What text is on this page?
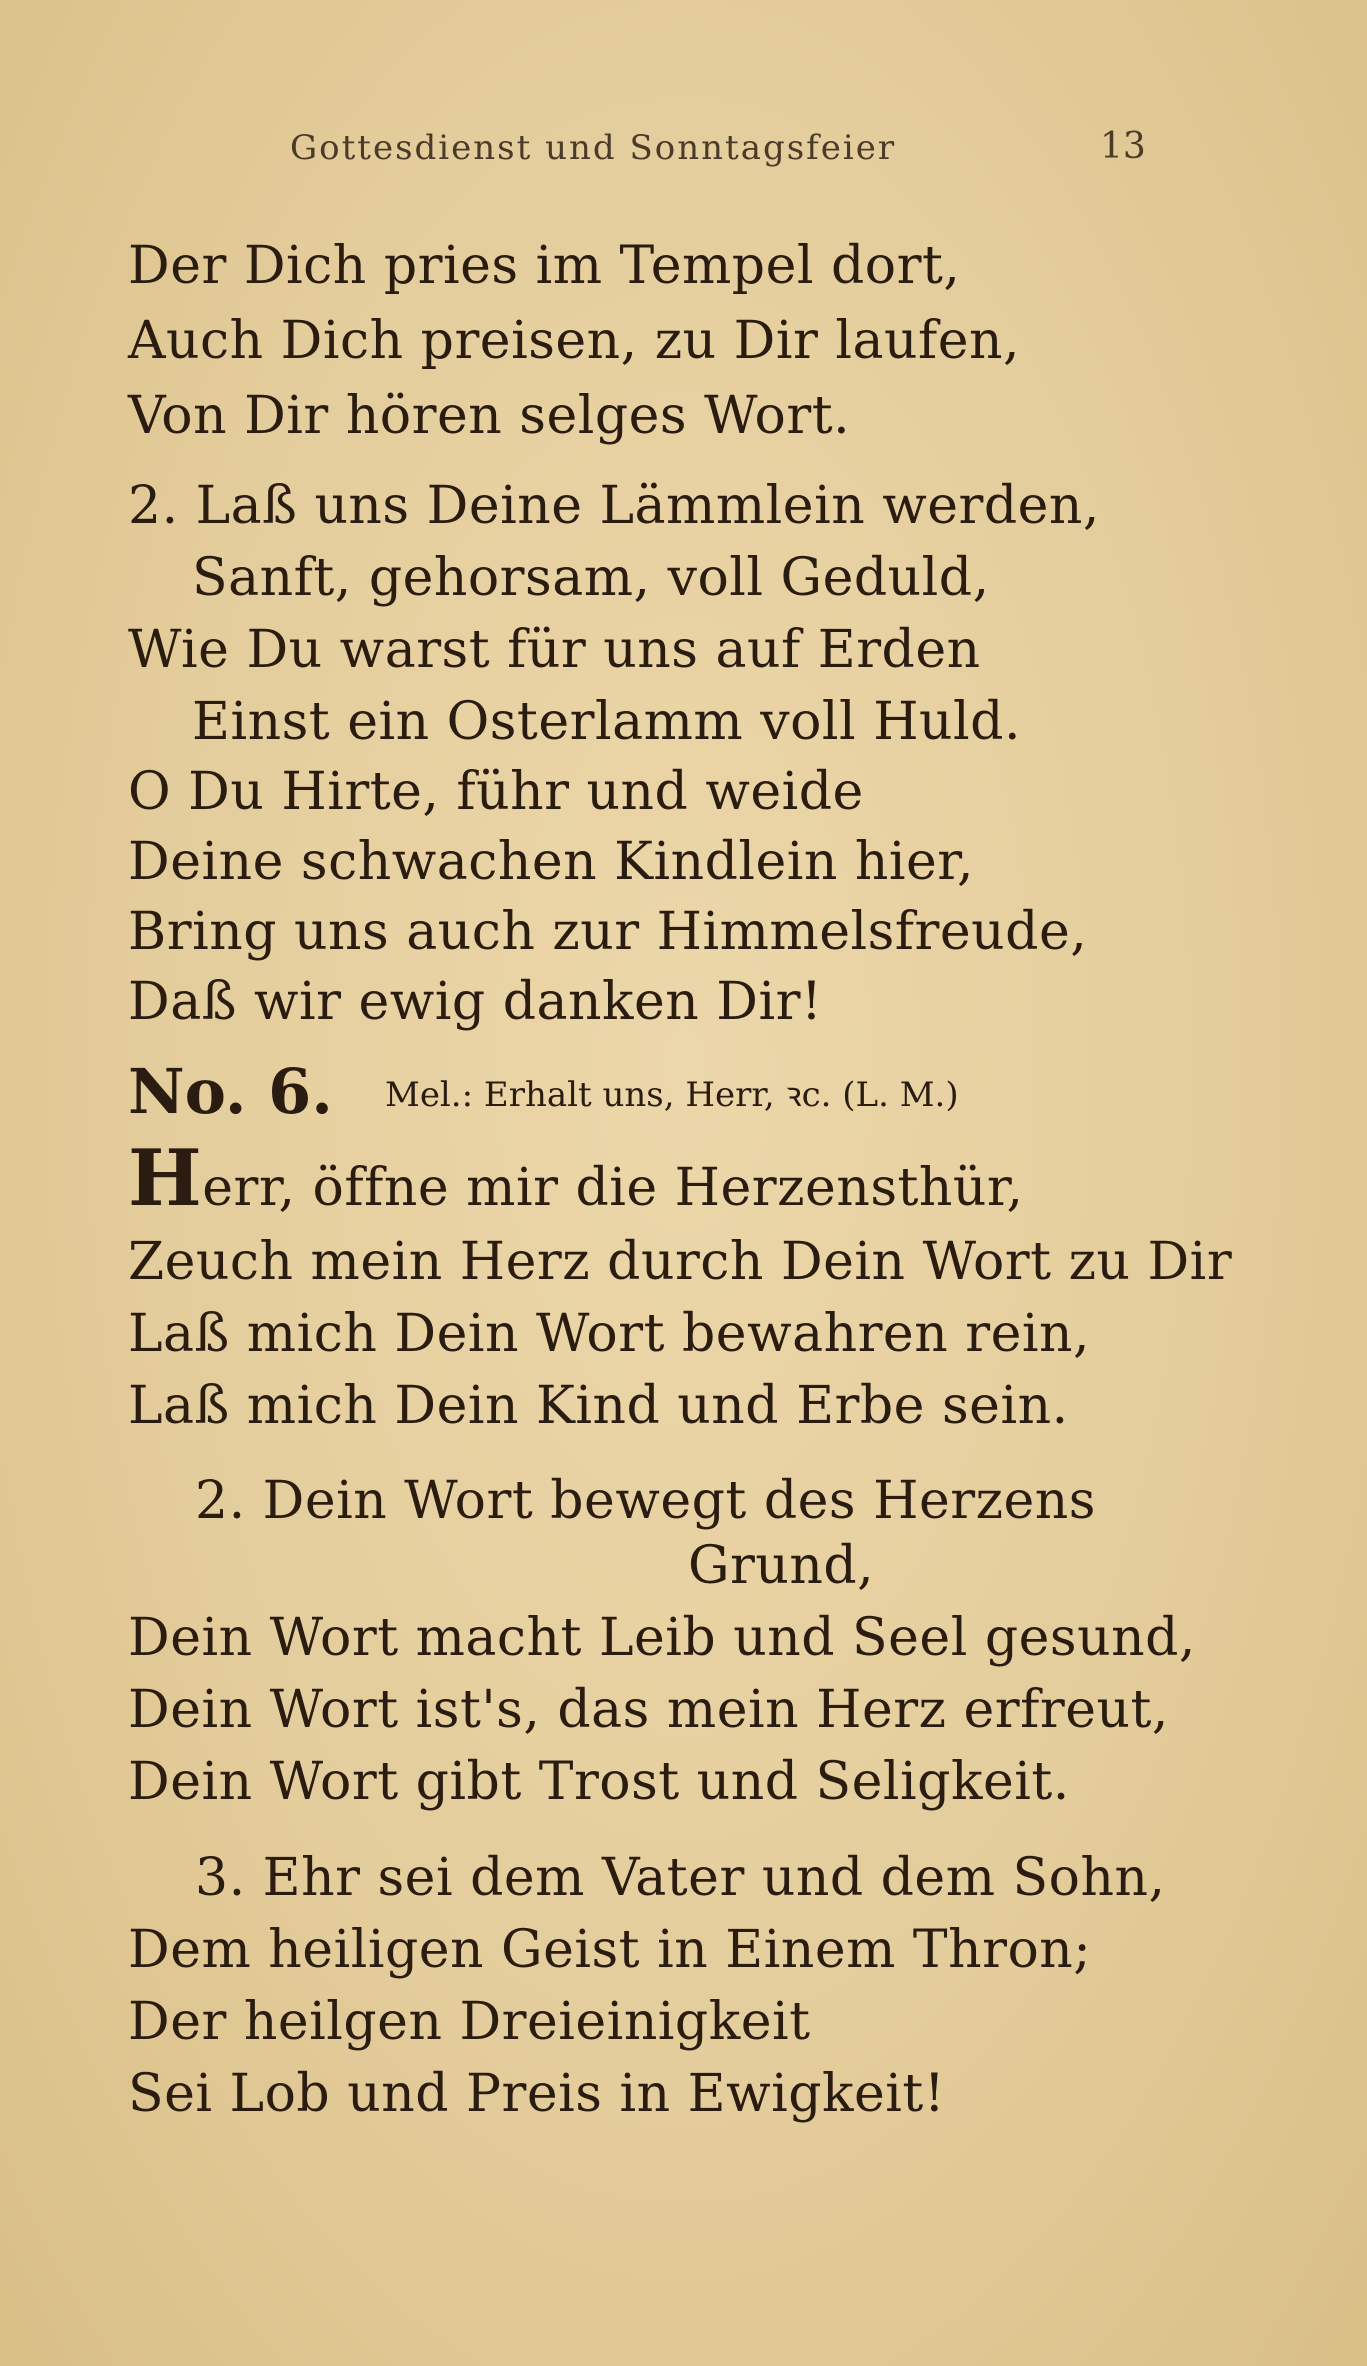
Gottesdienst und Sonntagsfeier	13
Der Dich pries im Tempel dort,
Auch Dich preisen, zu Dir laufen,
Von Dir hören selges Wort.
2. Laß uns Deine Lämmlein werden,
Sanft, gehorsam, voll Geduld,
Wie Du warst für uns auf Erden
Einst ein Osterlamm voll Huld.
O Du Hirte, führ und weide
Deine schwachen Kindlein hier,
Bring uns auch zur Himmelsfreude,
Daß wir ewig danken Dir!
No. 6. Mel.: Erhalt uns, Herr, ꝛc. (L. M.)
Herr, öffne mir die Herzensthür,
Zeuch mein Herz durch Dein Wort zu Dir
Laß mich Dein Wort bewahren rein,
Laß mich Dein Kind und Erbe sein.
2. Dein Wort bewegt des Herzens
Grund,
Dein Wort macht Leib und Seel gesund,
Dein Wort ist's, das mein Herz erfreut,
Dein Wort gibt Trost und Seligkeit.
3. Ehr sei dem Vater und dem Sohn,
Dem heiligen Geist in Einem Thron;
Der heilgen Dreieinigkeit
Sei Lob und Preis in Ewigkeit!
